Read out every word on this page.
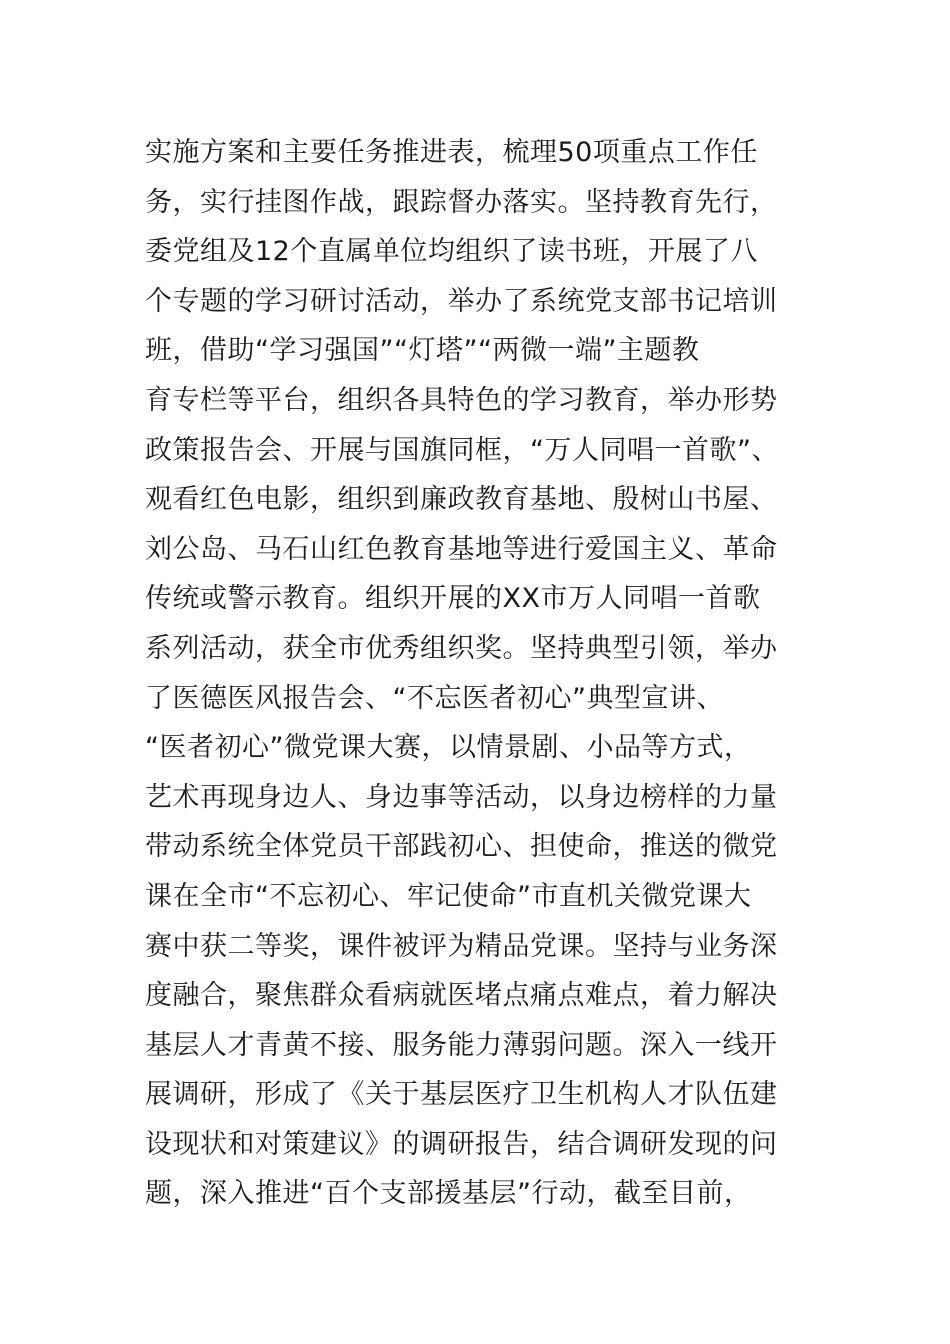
实施方案和主要任务推进表，梳理50项重点工作任
务，实行挂图作战，跟踪督办落实。坚持教育先行，
委党组及12个直属单位均组织了读书班，开展了八
个专题的学习研讨活动，举办了系统党支部书记培训
班，借助“学习强国”“灯塔”“两微一端”主题教
育专栏等平台，组织各具特色的学习教育，举办形势
政策报告会、开展与国旗同框，“万人同唱一首歌”、
观看红色电影，组织到廉政教育基地、殷树山书屋、
刘公岛、马石山红色教育基地等进行爱国主义、革命
传统或警示教育。组织开展的XX市万人同唱一首歌
系列活动，获全市优秀组织奖。坚持典型引领，举办
了医德医风报告会、“不忘医者初心”典型宣讲、
“医者初心”微党课大赛，以情景剧、小品等方式，
艺术再现身边人、身边事等活动，以身边榜样的力量
带动系统全体党员干部践初心、担使命，推送的微党
课在全市“不忘初心、牢记使命”市直机关微党课大
赛中获二等奖，课件被评为精品党课。坚持与业务深
度融合，聚焦群众看病就医堵点痛点难点，着力解决
基层人才青黄不接、服务能力薄弱问题。深入一线开
展调研，形成了《关于基层医疗卫生机构人才队伍建
设现状和对策建议》的调研报告，结合调研发现的问
题，深入推进“百个支部援基层”行动，截至目前，
